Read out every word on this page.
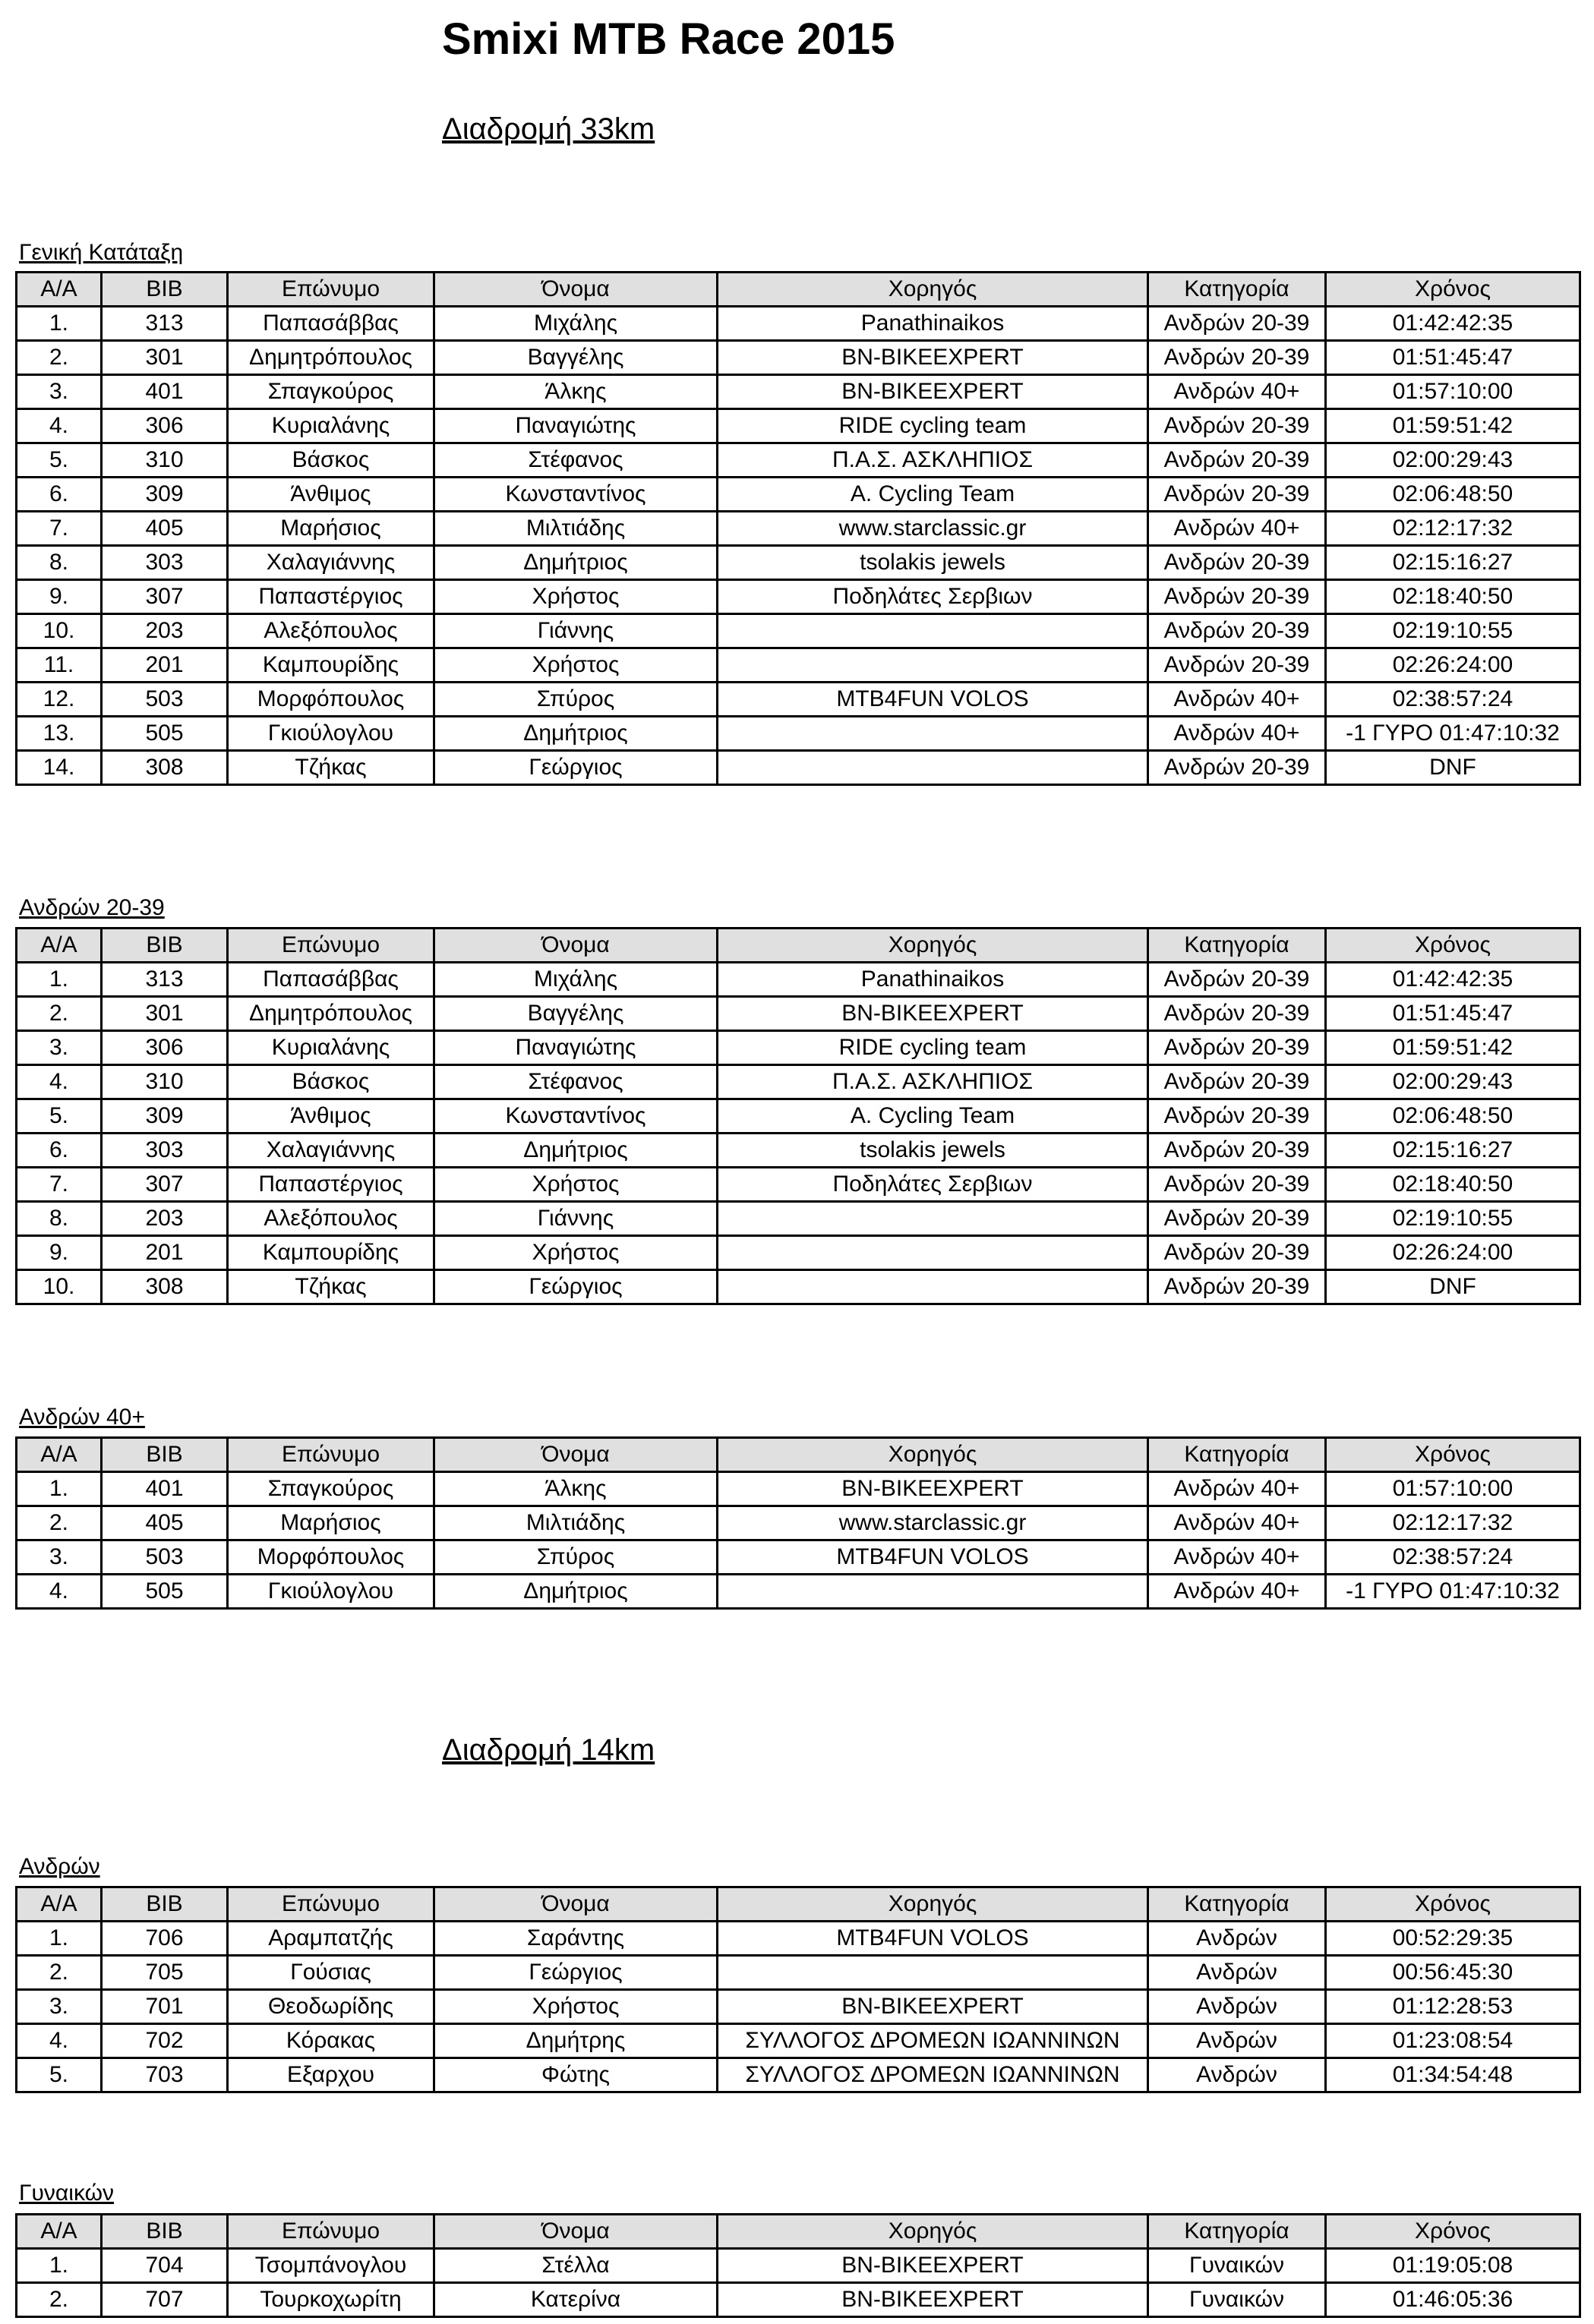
Smixi MTB Race 2015
Διαδρομή 33km
Διαδρομή 14km
Γενική Κατάταξη
Α/Α	BIB	Επώνυμο	Όνομα	Χορηγός	Κατηγορία	Χρόνος
1.	313	Παπασάββας	Μιχάλης	Panathinaikos	Ανδρών 20-39	01:42:42:35
2.	301	Δημητρόπουλος	Βαγγέλης	BN-BIKEEXPERT	Ανδρών 20-39	01:51:45:47
3.	401	Σπαγκούρος	Άλκης	BN-BIKEEXPERT	Ανδρών 40+	01:57:10:00
4.	306	Κυριαλάνης	Παναγιώτης	RIDE cycling team	Ανδρών 20-39	01:59:51:42
5.	310	Βάσκος	Στέφανος	Π.Α.Σ. ΑΣΚΛΗΠΙΟΣ	Ανδρών 20-39	02:00:29:43
6.	309	Άνθιμος	Κωνσταντίνος	A. Cycling Team	Ανδρών 20-39	02:06:48:50
7.	405	Μαρήσιος	Μιλτιάδης	www.starclassic.gr	Ανδρών 40+	02:12:17:32
8.	303	Χαλαγιάννης	Δημήτριος	tsolakis jewels	Ανδρών 20-39	02:15:16:27
9.	307	Παπαστέργιος	Χρήστος	Ποδηλάτες Σερβιων	Ανδρών 20-39	02:18:40:50
10.	203	Αλεξόπουλος	Γιάννης		Ανδρών 20-39	02:19:10:55
11.	201	Καμπουρίδης	Χρήστος		Ανδρών 20-39	02:26:24:00
12.	503	Μορφόπουλος	Σπύρος	MTB4FUN VOLOS	Ανδρών 40+	02:38:57:24
13.	505	Γκιούλογλου	Δημήτριος		Ανδρών 40+	-1 ΓΥΡΟ 01:47:10:32
14.	308	Τζήκας	Γεώργιος		Ανδρών 20-39	DNF
Ανδρών 20-39
Α/Α	BIB	Επώνυμο	Όνομα	Χορηγός	Κατηγορία	Χρόνος
1.	313	Παπασάββας	Μιχάλης	Panathinaikos	Ανδρών 20-39	01:42:42:35
2.	301	Δημητρόπουλος	Βαγγέλης	BN-BIKEEXPERT	Ανδρών 20-39	01:51:45:47
3.	306	Κυριαλάνης	Παναγιώτης	RIDE cycling team	Ανδρών 20-39	01:59:51:42
4.	310	Βάσκος	Στέφανος	Π.Α.Σ. ΑΣΚΛΗΠΙΟΣ	Ανδρών 20-39	02:00:29:43
5.	309	Άνθιμος	Κωνσταντίνος	A. Cycling Team	Ανδρών 20-39	02:06:48:50
6.	303	Χαλαγιάννης	Δημήτριος	tsolakis jewels	Ανδρών 20-39	02:15:16:27
7.	307	Παπαστέργιος	Χρήστος	Ποδηλάτες Σερβιων	Ανδρών 20-39	02:18:40:50
8.	203	Αλεξόπουλος	Γιάννης		Ανδρών 20-39	02:19:10:55
9.	201	Καμπουρίδης	Χρήστος		Ανδρών 20-39	02:26:24:00
10.	308	Τζήκας	Γεώργιος		Ανδρών 20-39	DNF
Ανδρών 40+
Α/Α	BIB	Επώνυμο	Όνομα	Χορηγός	Κατηγορία	Χρόνος
1.	401	Σπαγκούρος	Άλκης	BN-BIKEEXPERT	Ανδρών 40+	01:57:10:00
2.	405	Μαρήσιος	Μιλτιάδης	www.starclassic.gr	Ανδρών 40+	02:12:17:32
3.	503	Μορφόπουλος	Σπύρος	MTB4FUN VOLOS	Ανδρών 40+	02:38:57:24
4.	505	Γκιούλογλου	Δημήτριος		Ανδρών 40+	-1 ΓΥΡΟ 01:47:10:32
Ανδρών
Α/Α	BIB	Επώνυμο	Όνομα	Χορηγός	Κατηγορία	Χρόνος
1.	706	Αραμπατζής	Σαράντης	MTB4FUN VOLOS	Ανδρών	00:52:29:35
2.	705	Γούσιας	Γεώργιος		Ανδρών	00:56:45:30
3.	701	Θεοδωρίδης	Χρήστος	BN-BIKEEXPERT	Ανδρών	01:12:28:53
4.	702	Κόρακας	Δημήτρης	ΣΥΛΛΟΓΟΣ ΔΡΟΜΕΩΝ ΙΩΑΝΝΙΝΩΝ	Ανδρών	01:23:08:54
5.	703	Εξαρχου	Φώτης	ΣΥΛΛΟΓΟΣ ΔΡΟΜΕΩΝ ΙΩΑΝΝΙΝΩΝ	Ανδρών	01:34:54:48
Γυναικών
Α/Α	BIB	Επώνυμο	Όνομα	Χορηγός	Κατηγορία	Χρόνος
1.	704	Τσομπάνογλου	Στέλλα	BN-BIKEEXPERT	Γυναικών	01:19:05:08
2.	707	Τουρκοχωρίτη	Κατερίνα	BN-BIKEEXPERT	Γυναικών	01:46:05:36
